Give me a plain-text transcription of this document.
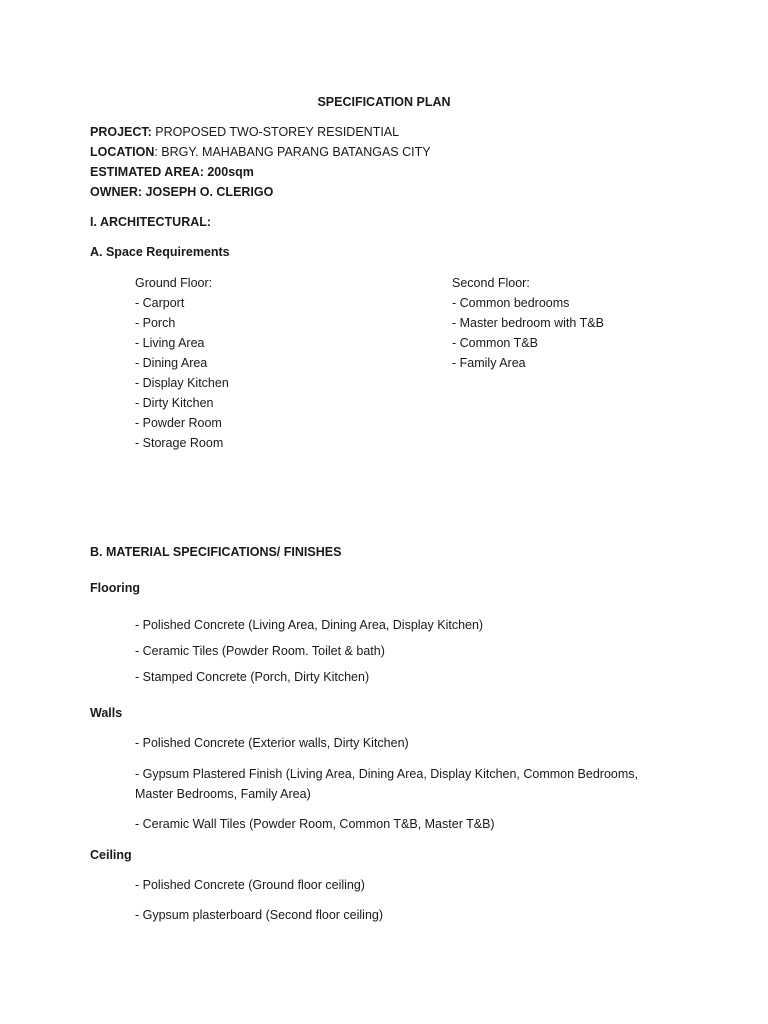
SPECIFICATION PLAN
PROJECT: PROPOSED TWO-STOREY RESIDENTIAL
LOCATION: BRGY. MAHABANG PARANG BATANGAS CITY
ESTIMATED AREA: 200sqm
OWNER: JOSEPH O. CLERIGO
I. ARCHITECTURAL:
A. Space Requirements
Ground Floor:
- Carport
- Porch
- Living Area
- Dining Area
- Display Kitchen
- Dirty Kitchen
- Powder Room
- Storage Room
Second Floor:
- Common bedrooms
- Master bedroom with T&B
- Common T&B
- Family Area
B. MATERIAL SPECIFICATIONS/ FINISHES
Flooring
- Polished Concrete (Living Area, Dining Area, Display Kitchen)
- Ceramic Tiles (Powder Room. Toilet & bath)
- Stamped Concrete (Porch, Dirty Kitchen)
Walls
- Polished Concrete (Exterior walls, Dirty Kitchen)
- Gypsum Plastered Finish (Living Area, Dining Area, Display Kitchen, Common Bedrooms, Master Bedrooms, Family Area)
- Ceramic Wall Tiles (Powder Room, Common T&B, Master T&B)
Ceiling
- Polished Concrete (Ground floor ceiling)
- Gypsum plasterboard (Second floor ceiling)
